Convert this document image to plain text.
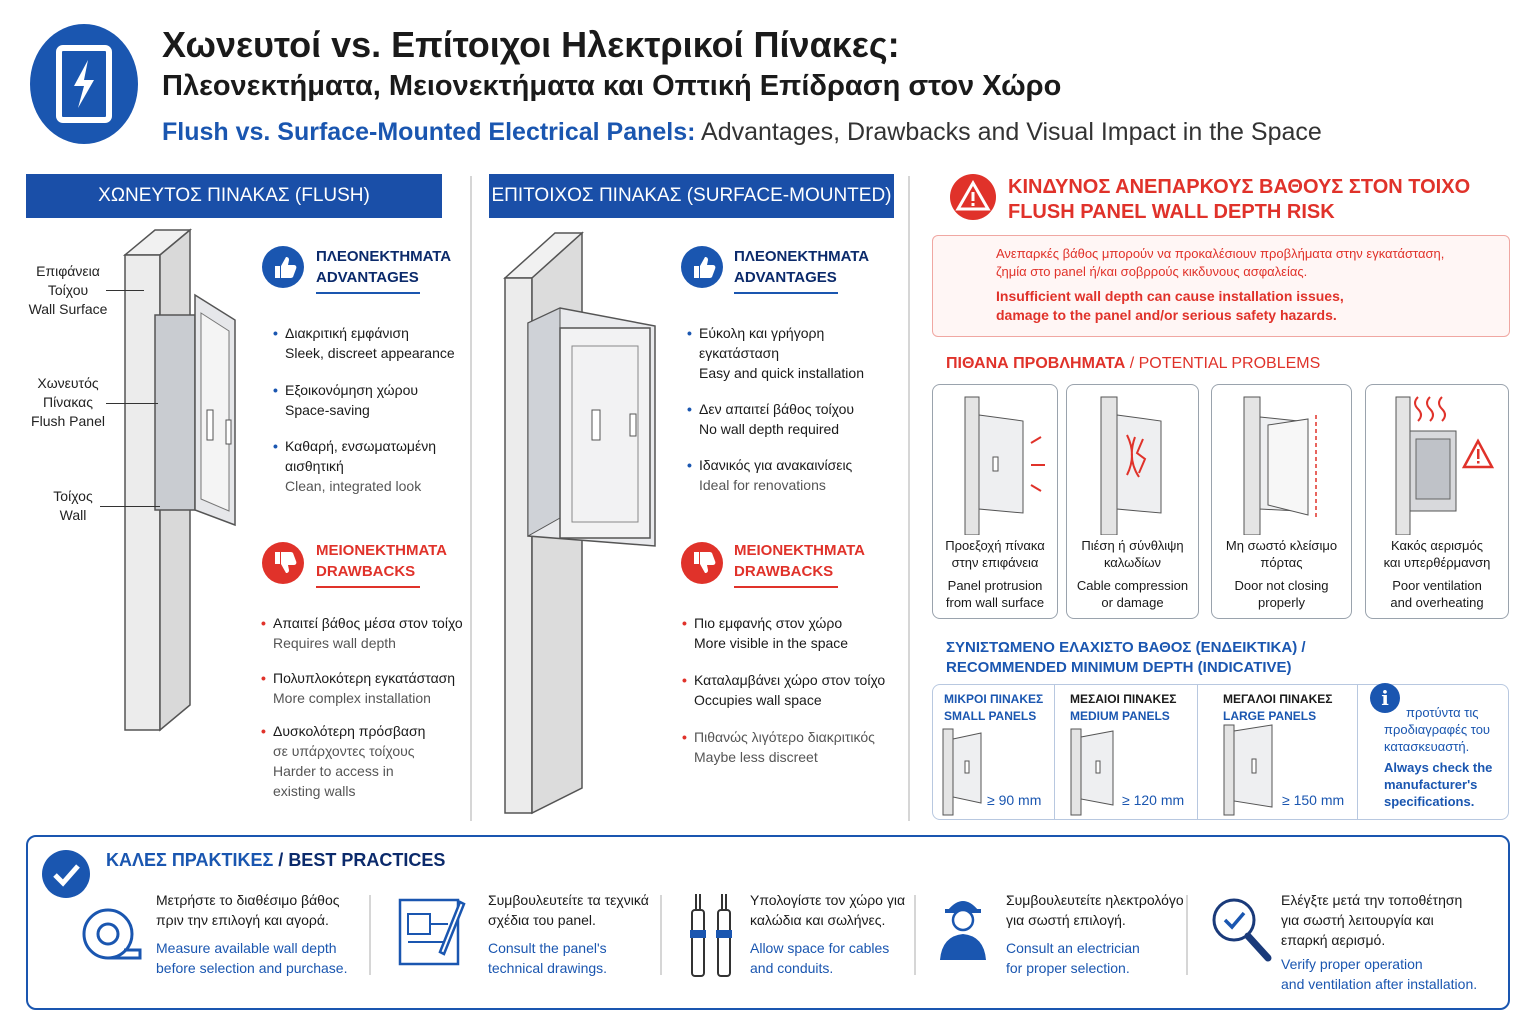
Χωνευτοί vs. Επίτοιχοι Ηλεκτρικοί Πίνακες:
Πλεονεκτήματα, Μειονεκτήματα και Οπτική Επίδραση στον Χώρο
Flush vs. Surface-Mounted Electrical Panels: Advantages, Drawbacks and Visual Impact in the Space
ΧΩΝΕΥΤΟΣ ΠΙΝΑΚΑΣ (FLUSH)
Επιφάνεια
Τοίχου
Wall Surface
Χωνευτός
Πίνακας
Flush Panel
Τοίχος
Wall
ΠΛΕΟΝΕΚΤΗΜΑΤΑ
ADVANTAGES
• Διακριτική εμφάνιση
Sleek, discreet appearance
• Εξοικονόμηση χώρου
Space-saving
• Καθαρή, ενσωματωμένη
αισθητική
Clean, integrated look
ΜΕΙΟΝΕΚΤΗΜΑΤΑ
DRAWBACKS
• Απαιτεί βάθος μέσα στον τοίχο
Requires wall depth
• Πολυπλοκότερη εγκατάσταση
More complex installation
• Δυσκολότερη πρόσβαση
σε υπάρχοντες τοίχους
Harder to access in
existing walls
ΕΠΙΤΟΙΧΟΣ ΠΙΝΑΚΑΣ (SURFACE-MOUNTED)
ΠΛΕΟΝΕΚΤΗΜΑΤΑ
ADVANTAGES
• Εύκολη και γρήγορη
εγκατάσταση
Easy and quick installation
• Δεν απαιτεί βάθος τοίχου
No wall depth required
• Ιδανικός για ανακαινίσεις
Ideal for renovations
ΜΕΙΟΝΕΚΤΗΜΑΤΑ
DRAWBACKS
• Πιο εμφανής στον χώρο
More visible in the space
• Καταλαμβάνει χώρο στον τοίχο
Occupies wall space
• Πιθανώς λιγότερο διακριτικός
Maybe less discreet
ΚΙΝΔΥΝΟΣ ΑΝΕΠΑΡΚΟΥΣ ΒΑΘΟΥΣ ΣΤΟΝ ΤΟΙΧΟ
FLUSH PANEL WALL DEPTH RISK
Ανεπαρκές βάθος μπορούν να προκαλέσιουν προβλήματα στην εγκατάσταση,
ζημία στο panel ή/και σοβρρούς κικδυνους ασφαλείας.
Insufficient wall depth can cause installation issues,
damage to the panel and/or serious safety hazards.
ΠΙΘΑΝΑ ΠΡΟΒΛΗΜΑΤΑ / POTENTIAL PROBLEMS
Προεξοχή πίνακα
στην επιφάνεια
Panel protrusion
from wall surface
Πιέση ή σύνθλιψη
καλωδίων
Cable compression
or damage
Μη σωστό κλείσιμο
πόρτας
Door not closing
properly
Κακός αερισμός
και υπερθέρμανση
Poor ventilation
and overheating
ΣΥΝΙΣΤΩΜΕΝΟ ΕΛΑΧΙΣΤΟ ΒΑΘΟΣ (ΕΝΔΕΙΚΤΙΚΑ) /
RECOMMENDED MINIMUM DEPTH (INDICATIVE)
ΜΙΚΡΟΙ ΠΙΝΑΚΕΣ
SMALL PANELS
≥ 90 mm
ΜΕΣΑΙΟΙ ΠΙΝΑΚΕΣ
MEDIUM PANELS
≥ 120 mm
ΜΕΓΑΛΟΙ ΠΙΝΑΚΕΣ
LARGE PANELS
≥ 150 mm
i
προτύντα τις
προδιαγραφές του
κατασκευαστή.
Always check the
manufacturer's
specifications.
ΚΑΛΕΣ ΠΡΑΚΤΙΚΕΣ / BEST PRACTICES
Μετρήστε το διαθέσιμο βάθος
πριν την επιλογή και αγορά.
Measure available wall depth
before selection and purchase.
Συμβουλευτείτε τα τεχνικά
σχέδια του panel.
Consult the panel's
technical drawings.
Υπολογίστε τον χώρο για
καλώδια και σωλήνες.
Allow space for cables
and conduits.
Συμβουλευτείτε ηλεκτρολόγο
για σωστή επιλογή.
Consult an electrician
for proper selection.
Ελέγξτε μετά την τοποθέτηση
για σωστή λειτουργία και
επαρκή αερισμό.
Verify proper operation
and ventilation after installation.
